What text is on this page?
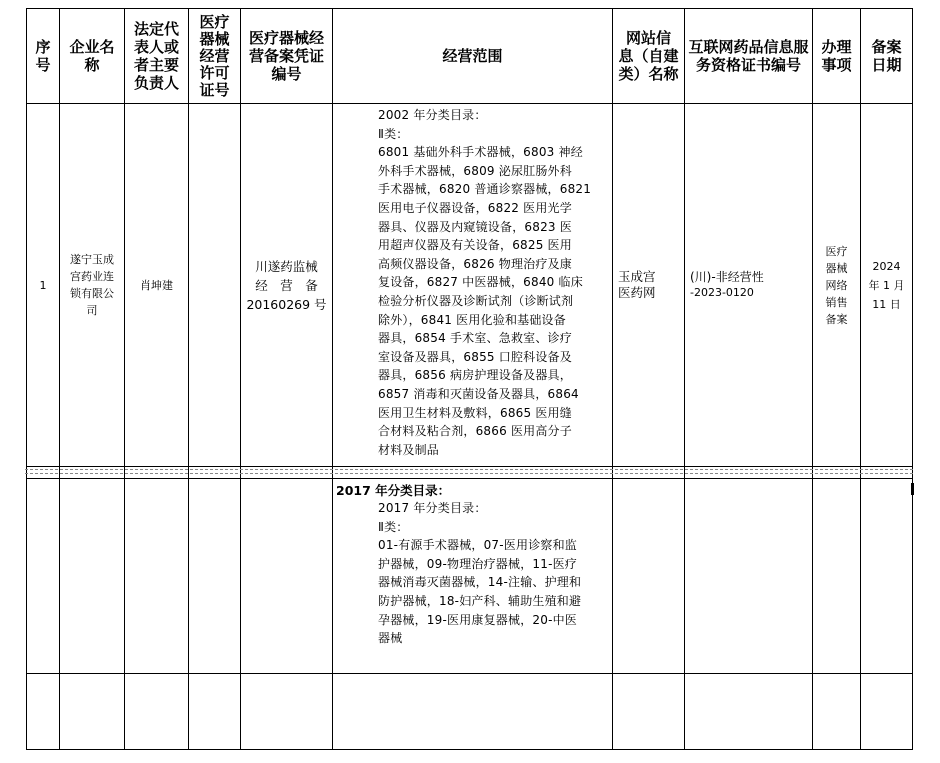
序
号
企业名
称
法定代
表人或
者主要
负责人
医疗
器械
经营
许可
证号
医疗器械经
营备案凭证
编号
经营范围
网站信
息（自建
类）名称
互联网药品信息服
务资格证书编号
办理
事项
备案
日期
1
遂宁玉成
宫药业连
锁有限公
司
肖坤建
川遂药监械
经　营　备
20160269 号
2002 年分类目录：
Ⅱ类：
6801 基础外科手术器械，6803 神经
外科手术器械，6809 泌尿肛肠外科
手术器械，6820 普通诊察器械，6821
医用电子仪器设备，6822 医用光学
器具、仪器及内窥镜设备，6823 医
用超声仪器及有关设备，6825 医用
高频仪器设备，6826 物理治疗及康
复设备，6827 中医器械，6840 临床
检验分析仪器及诊断试剂（诊断试剂
除外），6841 医用化验和基础设备
器具，6854 手术室、急救室、诊疗
室设备及器具，6855 口腔科设备及
器具，6856 病房护理设备及器具，
6857 消毒和灭菌设备及器具，6864
医用卫生材料及敷料，6865 医用缝
合材料及粘合剂，6866 医用高分子
材料及制品
玉成宫
医药网
(川)-非经营性
-2023-0120
医疗
器械
网络
销售
备案
2024
年 1 月
11 日
2017 年分类目录：
2017 年分类目录：
Ⅱ类：
01-有源手术器械，07-医用诊察和监
护器械，09-物理治疗器械，11-医疗
器械消毒灭菌器械，14-注输、护理和
防护器械，18-妇产科、辅助生殖和避
孕器械，19-医用康复器械，20-中医
器械
